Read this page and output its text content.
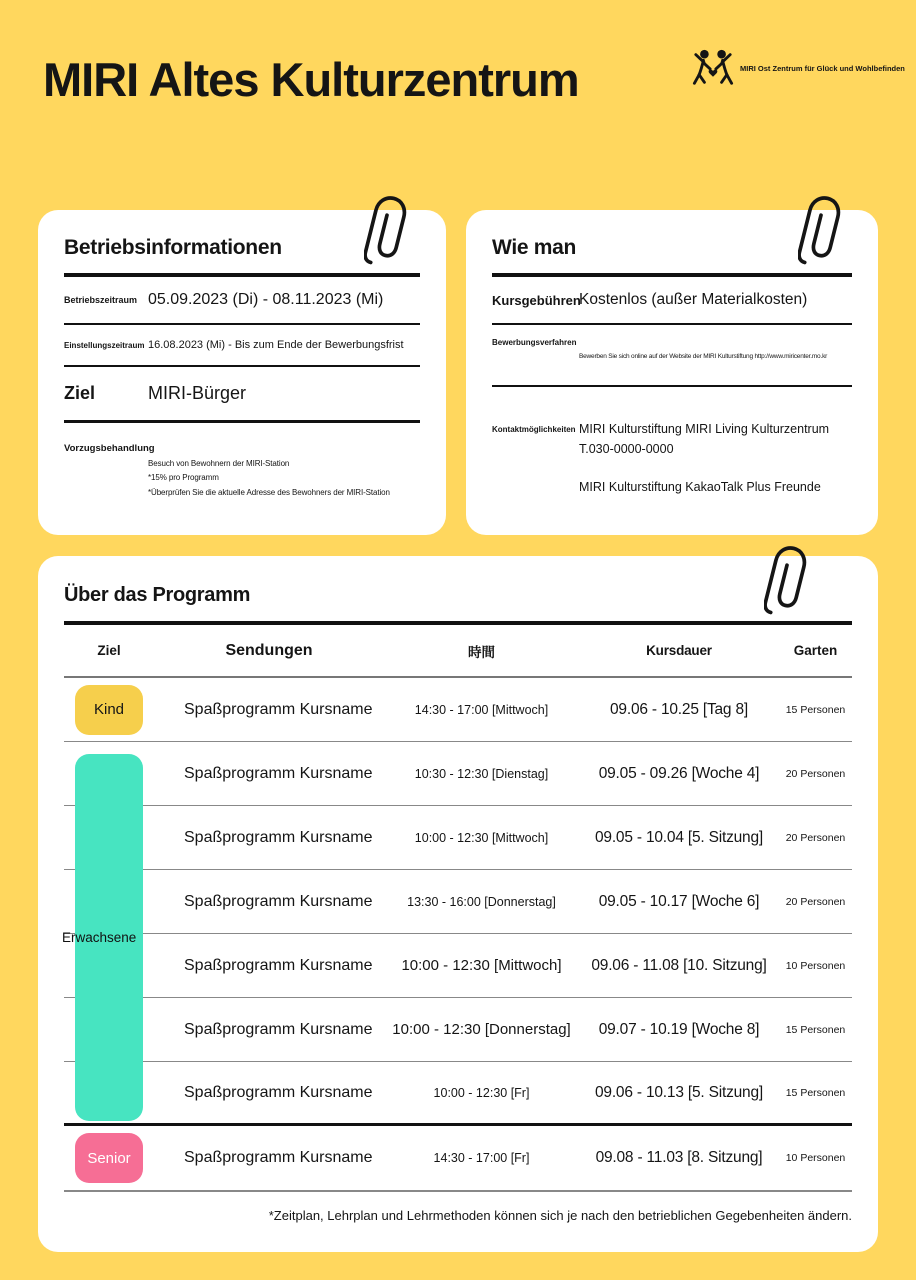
MIRI Altes Kulturzentrum	MIRI Ost Zentrum für Glück und Wohlbefinden
Betriebsinformationen
Betriebszeitraum 05.09.2023 (Di) - 08.11.2023 (Mi)
Einstellungszeitraum 16.08.2023 (Mi) - Bis zum Ende der Bewerbungsfrist
Ziel	MIRI-Bürger
Vorzugsbehandlung
Besuch von Bewohnern der MIRI-Station
*15% pro Programm
*Überprüfen Sie die aktuelle Adresse des Bewohners der MIRI-Station
Wie man
Kursgebühren
Kostenlos (außer Materialkosten)
Bewerbungsverfahren
Bewerben Sie sich online auf der Website der MIRI Kulturstiftung http://www.miricenter.mo.kr
Kontaktmöglichkeiten MIRI Kulturstiftung MIRI Living Kulturzentrum
T.030-0000-0000
MIRI Kulturstiftung KakaoTalk Plus Freunde
Über das Programm
Ziel	Sendungen	時間	Kursdauer	Garten
Erwachsene
Kind	Spaßprogramm Kursname	14:30 - 17:00 [Mittwoch]	09.06 - 10.25 [Tag 8]	15 Personen
Spaßprogramm Kursname	10:30 - 12:30 [Dienstag]	09.05 - 09.26 [Woche 4]	20 Personen
Spaßprogramm Kursname	10:00 - 12:30 [Mittwoch]	09.05 - 10.04 [5. Sitzung]	20 Personen
Spaßprogramm Kursname	13:30 - 16:00 [Donnerstag]	09.05 - 10.17 [Woche 6]	20 Personen
Spaßprogramm Kursname	10:00 - 12:30 [Mittwoch]	09.06 - 11.08 [10. Sitzung]	10 Personen
Spaßprogramm Kursname	10:00 - 12:30 [Donnerstag]	09.07 - 10.19 [Woche 8]	15 Personen
Spaßprogramm Kursname	10:00 - 12:30 [Fr]	09.06 - 10.13 [5. Sitzung]	15 Personen
Senior	Spaßprogramm Kursname	14:30 - 17:00 [Fr]	09.08 - 11.03 [8. Sitzung]	10 Personen
*Zeitplan, Lehrplan und Lehrmethoden können sich je nach den betrieblichen Gegebenheiten ändern.
